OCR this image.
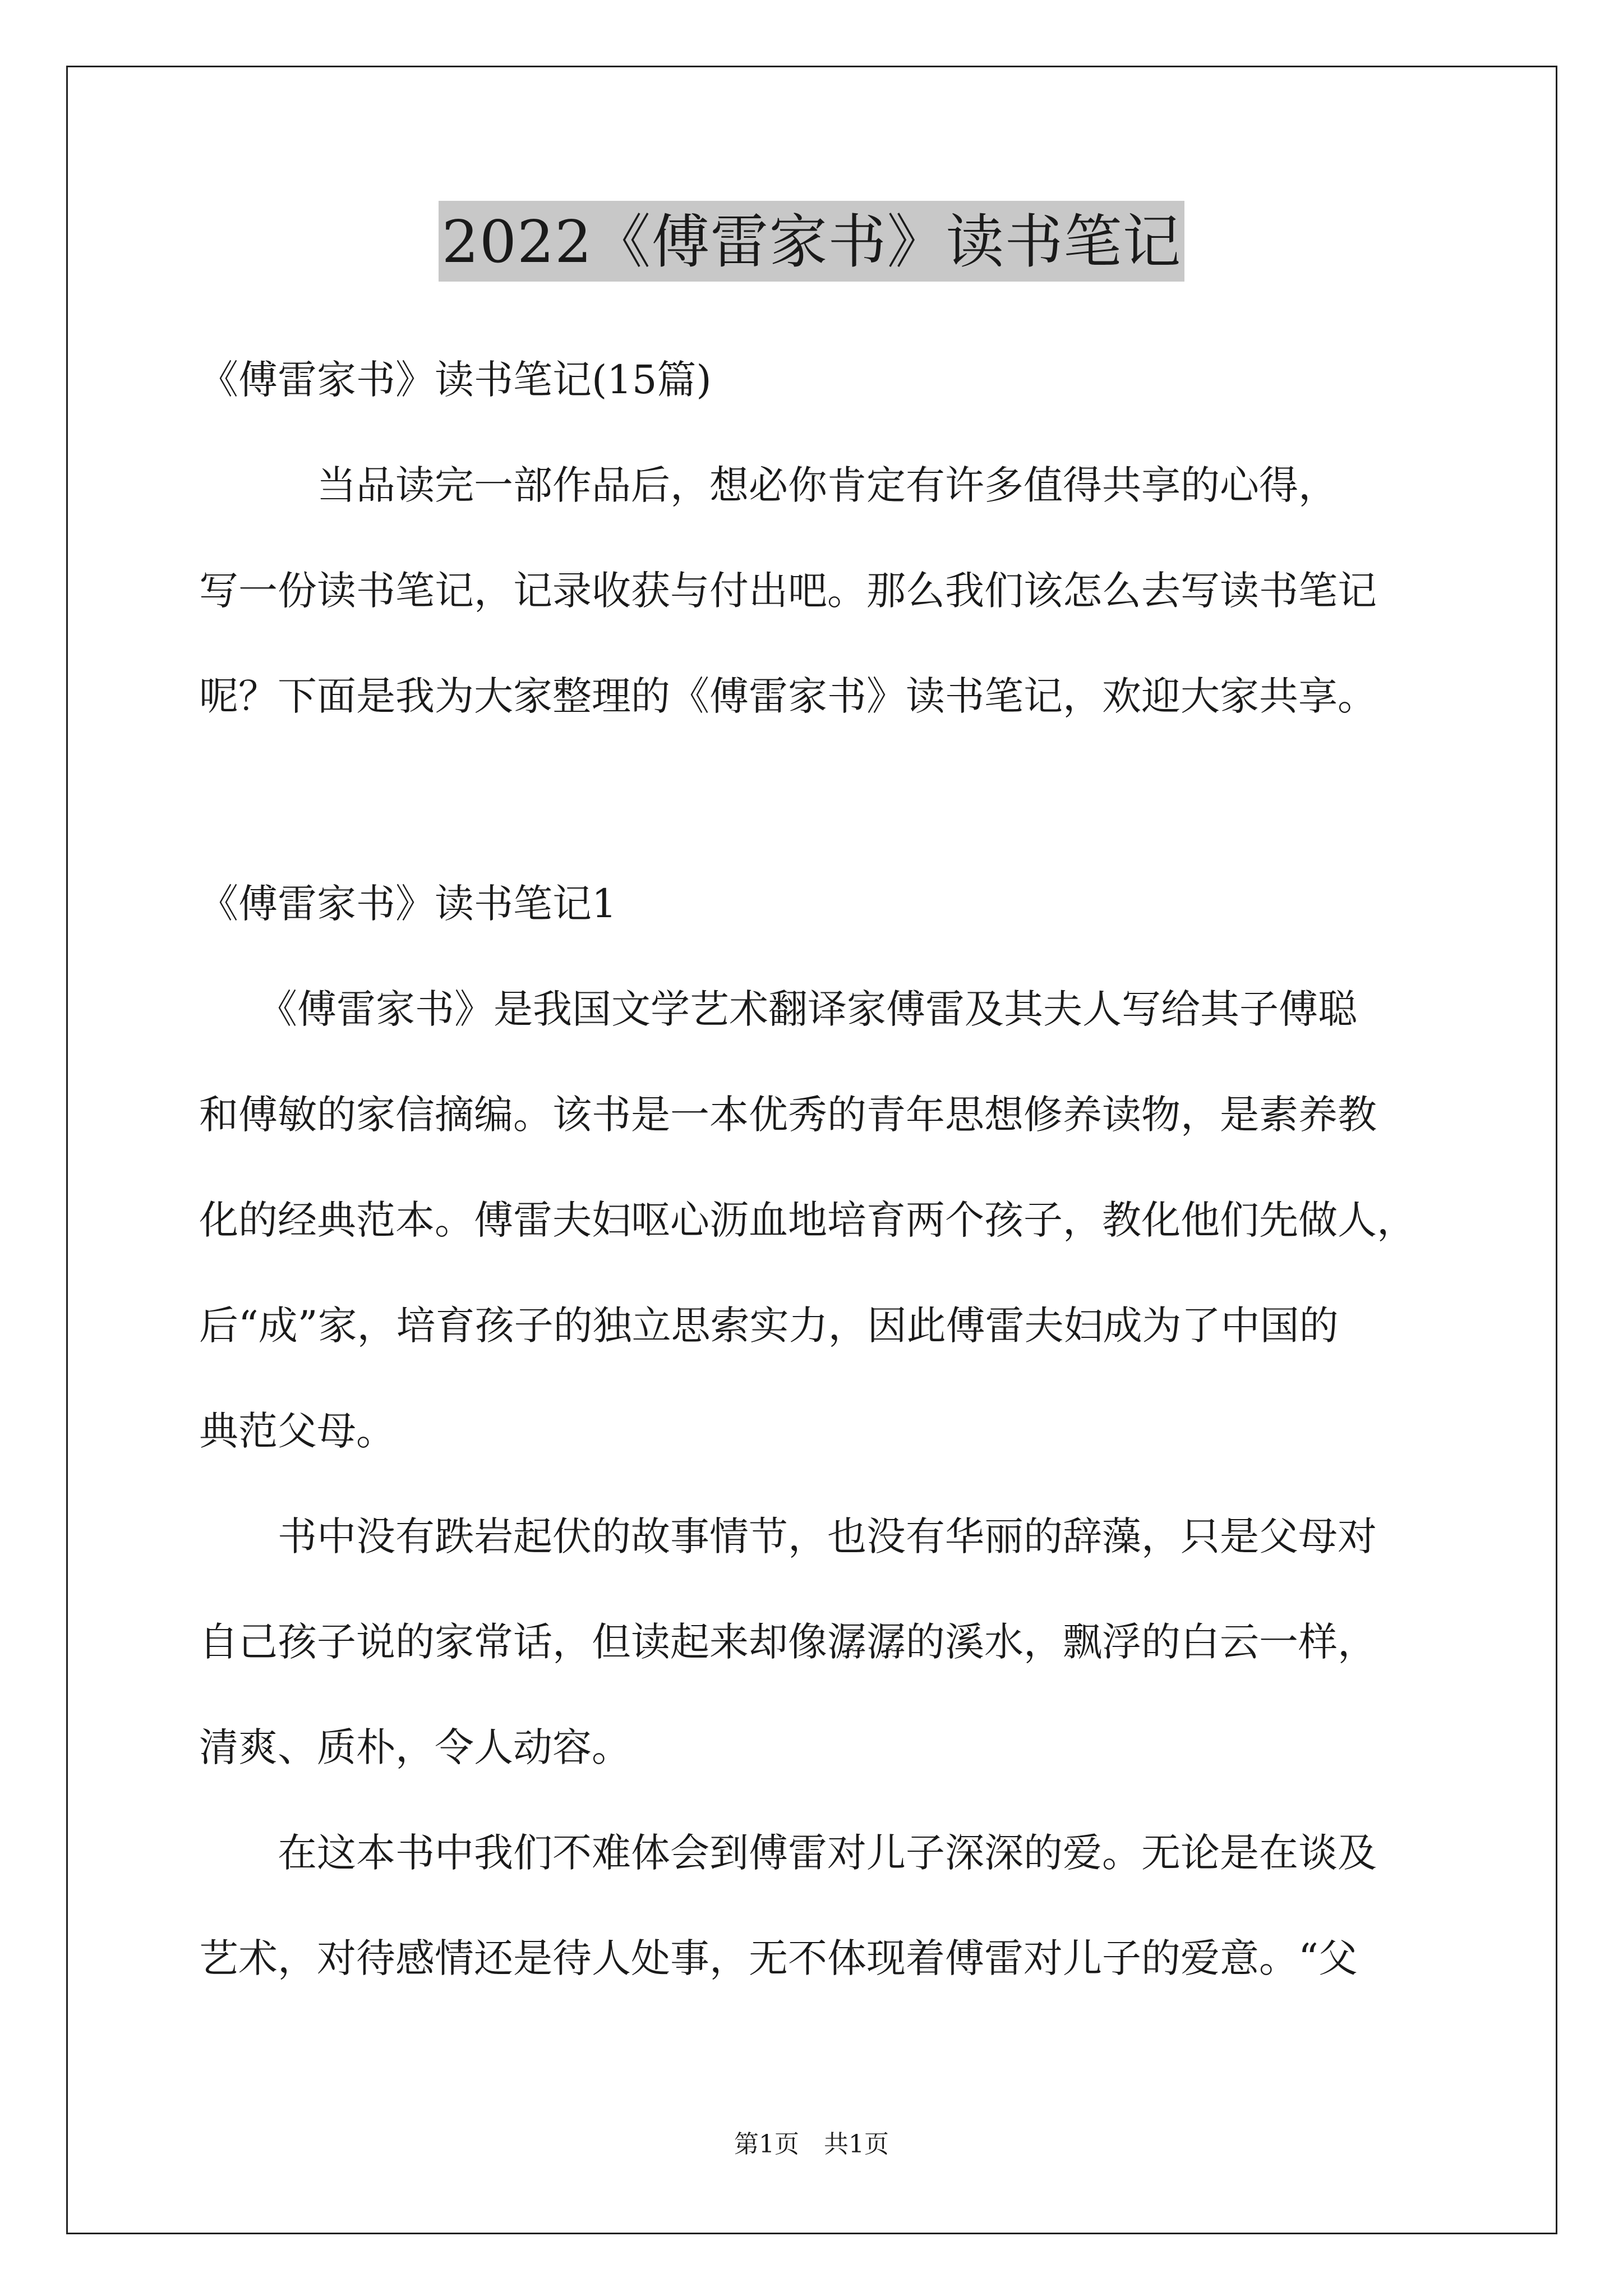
2022《傅雷家书》读书笔记
《傅雷家书》读书笔记(15篇)
　　　当品读完一部作品后，想必你肯定有许多值得共享的心得，
写一份读书笔记，记录收获与付出吧。那么我们该怎么去写读书笔记
呢？下面是我为大家整理的《傅雷家书》读书笔记，欢迎大家共享。
《傅雷家书》读书笔记1
　　《傅雷家书》是我国文学艺术翻译家傅雷及其夫人写给其子傅聪
和傅敏的家信摘编。该书是一本优秀的青年思想修养读物，是素养教
化的经典范本。傅雷夫妇呕心沥血地培育两个孩子，教化他们先做人，
后“成”家，培育孩子的独立思索实力，因此傅雷夫妇成为了中国的
典范父母。
　　书中没有跌岩起伏的故事情节，也没有华丽的辞藻，只是父母对
自己孩子说的家常话，但读起来却像潺潺的溪水，飘浮的白云一样，
清爽、质朴，令人动容。
　　在这本书中我们不难体会到傅雷对儿子深深的爱。无论是在谈及
艺术，对待感情还是待人处事，无不体现着傅雷对儿子的爱意。“父
第1页　共1页
